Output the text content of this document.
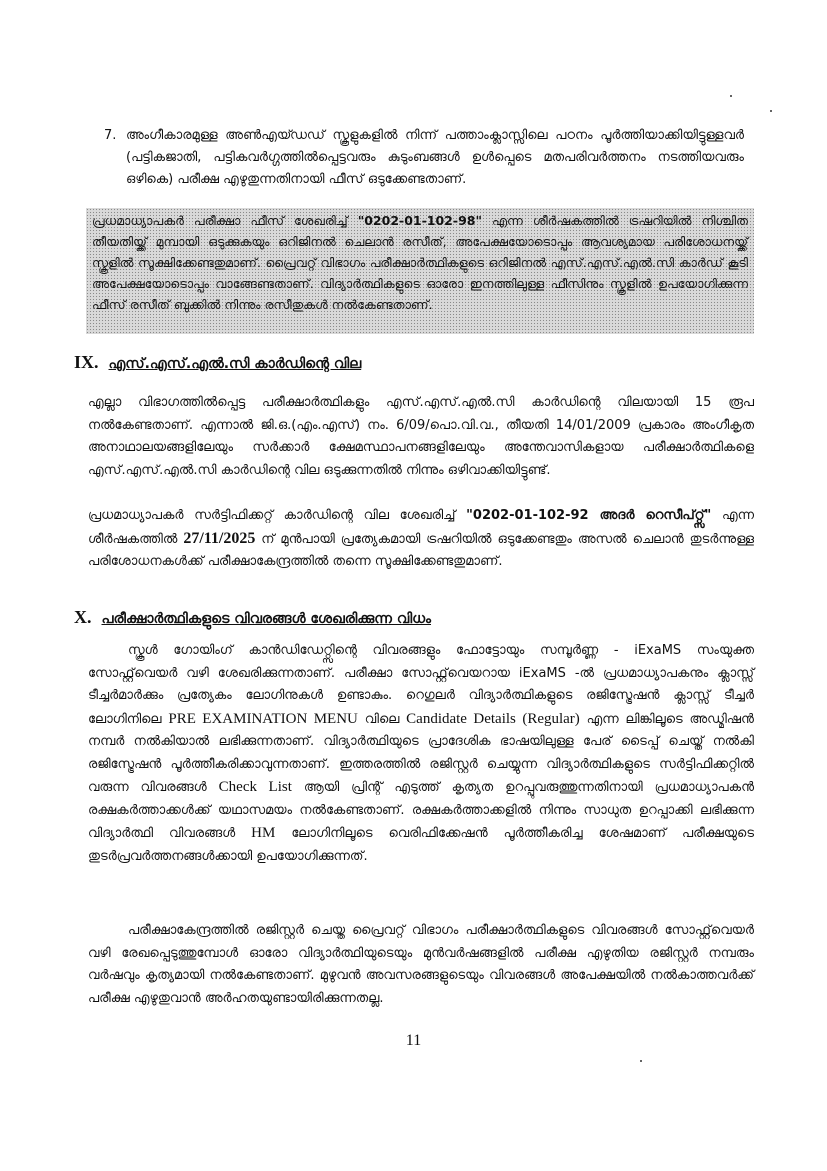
7. അംഗീകാരമുള്ള അൺഎയ്ഡഡ് സ്കൂളുകളിൽ നിന്ന് പത്താംക്ലാസ്സിലെ പഠനം പൂർത്തിയാക്കിയിട്ടുള്ളവർ (പട്ടികജാതി, പട്ടികവർഗ്ഗത്തിൽപ്പെട്ടവരും കുടുംബങ്ങൾ ഉൾപ്പെടെ മതപരിവർത്തനം നടത്തിയവരും ഒഴികെ) പരീക്ഷ എഴുതുന്നതിനായി ഫീസ് ഒടുക്കേണ്ടതാണ്.
പ്രധമാധ്യാപകർ പരീക്ഷാ ഫീസ് ശേഖരിച്ച് "0202-01-102-98" എന്ന ശീർഷകത്തിൽ ട്രഷറിയിൽ നിശ്ചിത തീയതിയ്ക്ക് മുമ്പായി ഒടുക്കുകയും ഒറിജിനൽ ചെലാൻ രസീത്, അപേക്ഷയോടൊപ്പം ആവശ്യമായ പരിശോധനയ്ക്ക് സ്കൂളിൽ സൂക്ഷിക്കേണ്ടതുമാണ്. പ്രൈവറ്റ് വിഭാഗം പരീക്ഷാർത്ഥികളുടെ ഒറിജിനൽ എസ്.എസ്.എൽ.സി കാർഡ് കൂടി അപേക്ഷയോടൊപ്പം വാങ്ങേണ്ടതാണ്. വിദ്യാർത്ഥികളുടെ ഓരോ ഇനത്തിലുള്ള ഫീസിനും സ്കൂളിൽ ഉപയോഗിക്കുന്ന ഫീസ് രസീത് ബുക്കിൽ നിന്നും രസീതുകൾ നൽകേണ്ടതാണ്.
IX. എസ്.എസ്.എൽ.സി കാർഡിന്റെ വില
എല്ലാ വിഭാഗത്തിൽപ്പെട്ട പരീക്ഷാർത്ഥികളും എസ്.എസ്.എൽ.സി കാർഡിന്റെ വിലയായി 15 രൂപ നൽകേണ്ടതാണ്. എന്നാൽ ജി.ഒ.(എം.എസ്) നം. 6/09/പൊ.വി.വ., തീയതി 14/01/2009 പ്രകാരം അംഗീകൃത അനാഥാലയങ്ങളിലേയും സർക്കാർ ക്ഷേമസ്ഥാപനങ്ങളിലേയും അന്തേവാസികളായ പരീക്ഷാർത്ഥികളെ എസ്.എസ്.എൽ.സി കാർഡിന്റെ വില ഒടുക്കുന്നതിൽ നിന്നും ഒഴിവാക്കിയിട്ടുണ്ട്.
പ്രധമാധ്യാപകർ സർട്ടിഫിക്കറ്റ് കാർഡിന്റെ വില ശേഖരിച്ച് "0202-01-102-92 അദർ റെസീപ്റ്റ്സ്" എന്ന ശീർഷകത്തിൽ 27/11/2025 ന് മുൻപായി പ്രത്യേകമായി ട്രഷറിയിൽ ഒടുക്കേണ്ടതും അസൽ ചെലാൻ തുടർന്നുള്ള പരിശോധനകൾക്ക് പരീക്ഷാകേന്ദ്രത്തിൽ തന്നെ സൂക്ഷിക്കേണ്ടതുമാണ്.
X. പരീക്ഷാർത്ഥികളുടെ വിവരങ്ങൾ ശേഖരിക്കുന്ന വിധം
സ്കൂൾ ഗോയിംഗ് കാൻഡിഡേറ്റ്സിന്റെ വിവരങ്ങളും ഫോട്ടോയും സമ്പൂർണ്ണ - iExaMS സംയുക്ത സോഫ്റ്റ്‌വെയർ വഴി ശേഖരിക്കുന്നതാണ്. പരീക്ഷാ സോഫ്റ്റ്‌വെയറായ iExaMS -ൽ പ്രധമാധ്യാപകനും ക്ലാസ്സ് ടീച്ചർമാർക്കും പ്രത്യേകം ലോഗിനുകൾ ഉണ്ടാകും. റെഗുലർ വിദ്യാർത്ഥികളുടെ രജിസ്ട്രേഷൻ ക്ലാസ്സ് ടീച്ചർ ലോഗിനിലെ PRE EXAMINATION MENU വിലെ Candidate Details (Regular) എന്ന ലിങ്കിലൂടെ അഡ്മിഷൻ നമ്പർ നൽകിയാൽ ലഭിക്കുന്നതാണ്. വിദ്യാർത്ഥിയുടെ പ്രാദേശിക ഭാഷയിലുള്ള പേര് ടൈപ്പ് ചെയ്ത് നൽകി രജിസ്ട്രേഷൻ പൂർത്തീകരിക്കാവുന്നതാണ്. ഇത്തരത്തിൽ രജിസ്റ്റർ ചെയ്യുന്ന വിദ്യാർത്ഥികളുടെ സർട്ടിഫിക്കറ്റിൽ വരുന്ന വിവരങ്ങൾ Check List ആയി പ്രിന്റ് എടുത്ത് കൃത്യത ഉറപ്പുവരുത്തുന്നതിനായി പ്രധമാധ്യാപകൻ രക്ഷകർത്താക്കൾക്ക് യഥാസമയം നൽകേണ്ടതാണ്. രക്ഷകർത്താക്കളിൽ നിന്നും സാധുത ഉറപ്പാക്കി ലഭിക്കുന്ന വിദ്യാർത്ഥി വിവരങ്ങൾ HM ലോഗിനിലൂടെ വെരിഫിക്കേഷൻ പൂർത്തീകരിച്ച ശേഷമാണ് പരീക്ഷയുടെ തുടർപ്രവർത്തനങ്ങൾക്കായി ഉപയോഗിക്കുന്നത്.
പരീക്ഷാകേന്ദ്രത്തിൽ രജിസ്റ്റർ ചെയ്ത പ്രൈവറ്റ് വിഭാഗം പരീക്ഷാർത്ഥികളുടെ വിവരങ്ങൾ സോഫ്റ്റ്‌വെയർ വഴി രേഖപ്പെടുത്തുമ്പോൾ ഓരോ വിദ്യാർത്ഥിയുടെയും മുൻവർഷങ്ങളിൽ പരീക്ഷ എഴുതിയ രജിസ്റ്റർ നമ്പരും വർഷവും കൃത്യമായി നൽകേണ്ടതാണ്. മുഴുവൻ അവസരങ്ങളുടെയും വിവരങ്ങൾ അപേക്ഷയിൽ നൽകാത്തവർക്ക് പരീക്ഷ എഴുതുവാൻ അർഹതയുണ്ടായിരിക്കുന്നതല്ല.
11
